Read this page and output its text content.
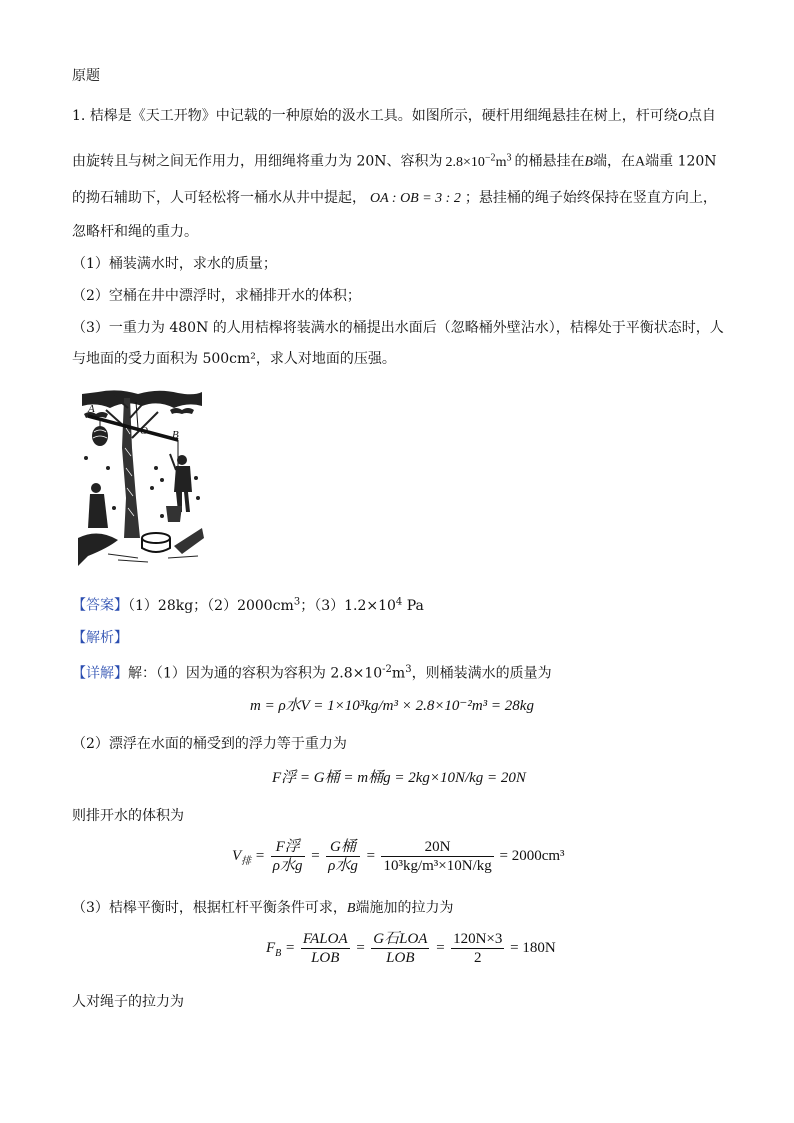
原题
1. 桔槔是《天工开物》中记载的一种原始的汲水工具。如图所示，硬杆用细绳悬挂在树上，杆可绕O点自
由旋转且与树之间无作用力，用细绳将重力为 20N、容积为 $2.8\times 10^{-2}m^3$ 的桶悬挂在B端，在A端重 120N
的拗石辅助下，人可轻松将一桶水从井中提起， OA : OB = 3 : 2 ；悬挂桶的绳子始终保持在竖直方向上，
忽略杆和绳的重力。
（1）桶装满水时，求水的质量；
（2）空桶在井中漂浮时，求桶排开水的体积；
（3）一重力为 480N 的人用桔槔将装满水的桶提出水面后（忽略桶外壁沾水），桔槔处于平衡状态时，人
与地面的受力面积为 500cm²，求人对地面的压强。
A
O B
【答案】（1）28kg；$(2)2000cm^3$；$(3)1.2\times 10^4$ Pa
【解析】
【详解】解：（1）因为通的容积为容积为 $2.8\times 10^{-2}m^3$，则桶装满水的质量为
m = ρ水V = 1×10³kg/m³ × 2.8×10⁻²m³ = 28kg
（2）漂浮在水面的桶受到的浮力等于重力为
F浮 = G桶 = m桶g = 2kg×10N/kg = 20N
则排开水的体积为
$V_排 = \frac{\text{F浮}}{\text{ρ水g}} = \frac{\text{G桶}}{\text{ρ水g}} = \frac{20N}{\text{10³kg/m³×10N/kg}} = 2000cm^3$
（3）桔槔平衡时，根据杠杆平衡条件可求，B端施加的拉力为
$F_B = \frac{\text{FALOA}}{\text{LOB}} = \frac{\text{G石LOA}}{\text{LOB}} = \frac{120N\times 3}{2} = 180N$
人对绳子的拉力为
